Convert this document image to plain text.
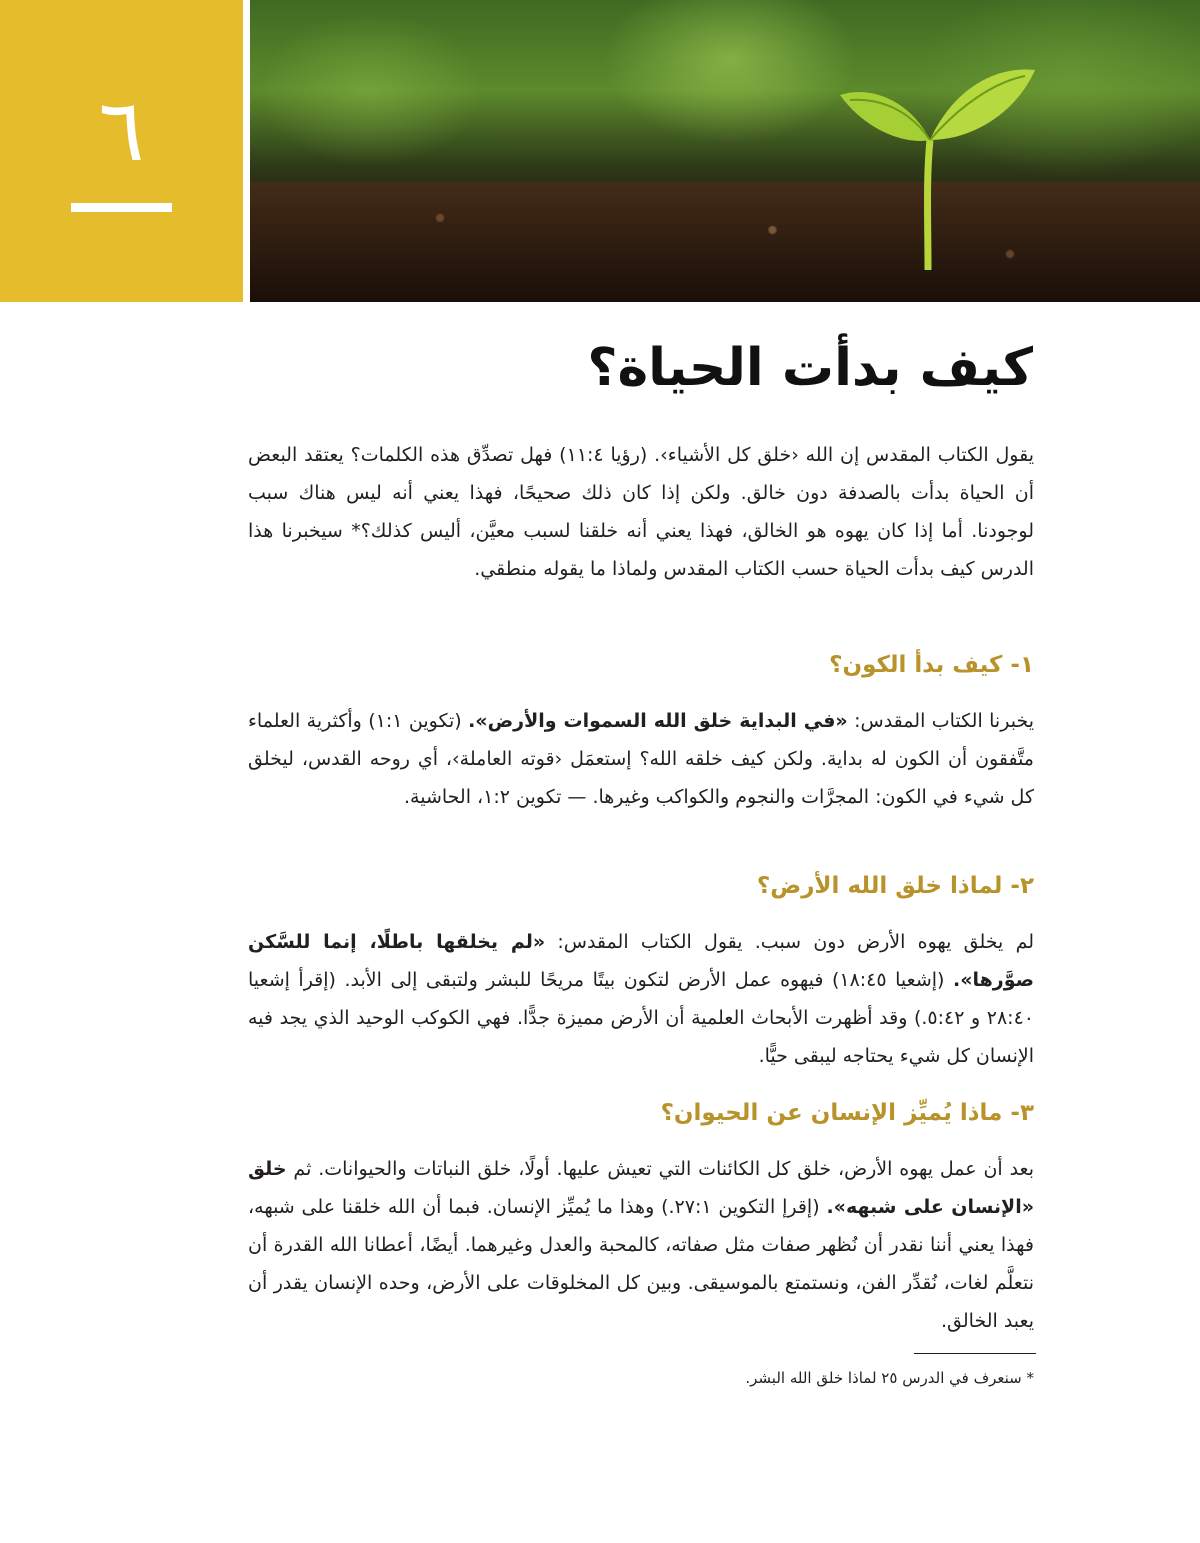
٦
كيف بدأت الحياة؟

يقول الكتاب المقدس إن الله ‹خلق كل الأشياء›. (رؤيا ١١:٤) فهل تصدِّق هذه الكلمات؟ يعتقد البعض أن الحياة بدأت بالصدفة دون خالق. ولكن إذا كان ذلك صحيحًا، فهذا يعني أنه ليس هناك سبب لوجودنا. أما إذا كان يهوه هو الخالق، فهذا يعني أنه خلقنا لسبب معيَّن، أليس كذلك؟* سيخبرنا هذا الدرس كيف بدأت الحياة حسب الكتاب المقدس ولماذا ما يقوله منطقي.

١- كيف بدأ الكون؟

يخبرنا الكتاب المقدس: «في البداية خلق الله السموات والأرض». (تكوين ١:١) وأكثرية العلماء متَّفقون أن الكون له بداية. ولكن كيف خلقه الله؟ إستعمَل ‹قوته العاملة›، أي روحه القدس، ليخلق كل شيء في الكون: المجرَّات والنجوم والكواكب وغيرها. — تكوين ١:٢، الحاشية.

٢- لماذا خلق الله الأرض؟

لم يخلق يهوه الأرض دون سبب. يقول الكتاب المقدس: «لم يخلقها باطلًا، إنما للسَّكن صوَّرها». (إشعيا ١٨:٤٥) فيهوه عمل الأرض لتكون بيتًا مريحًا للبشر ولتبقى إلى الأبد. (إقرأ إشعيا ٢٨:٤٠ و ٥:٤٢.) وقد أظهرت الأبحاث العلمية أن الأرض مميزة جدًّا. فهي الكوكب الوحيد الذي يجد فيه الإنسان كل شيء يحتاجه ليبقى حيًّا.

٣- ماذا يُميِّز الإنسان عن الحيوان؟

بعد أن عمل يهوه الأرض، خلق كل الكائنات التي تعيش عليها. أولًا، خلق النباتات والحيوانات. ثم خلق «الإنسان على شبهه». (إقرإ التكوين ٢٧:١.) وهذا ما يُميِّز الإنسان. فبما أن الله خلقنا على شبهه، فهذا يعني أننا نقدر أن نُظهر صفات مثل صفاته، كالمحبة والعدل وغيرهما. أيضًا، أعطانا الله القدرة أن نتعلَّم لغات، نُقدِّر الفن، ونستمتع بالموسيقى. وبين كل المخلوقات على الأرض، وحده الإنسان يقدر أن يعبد الخالق.

* سنعرف في الدرس ٢٥ لماذا خلق الله البشر.
